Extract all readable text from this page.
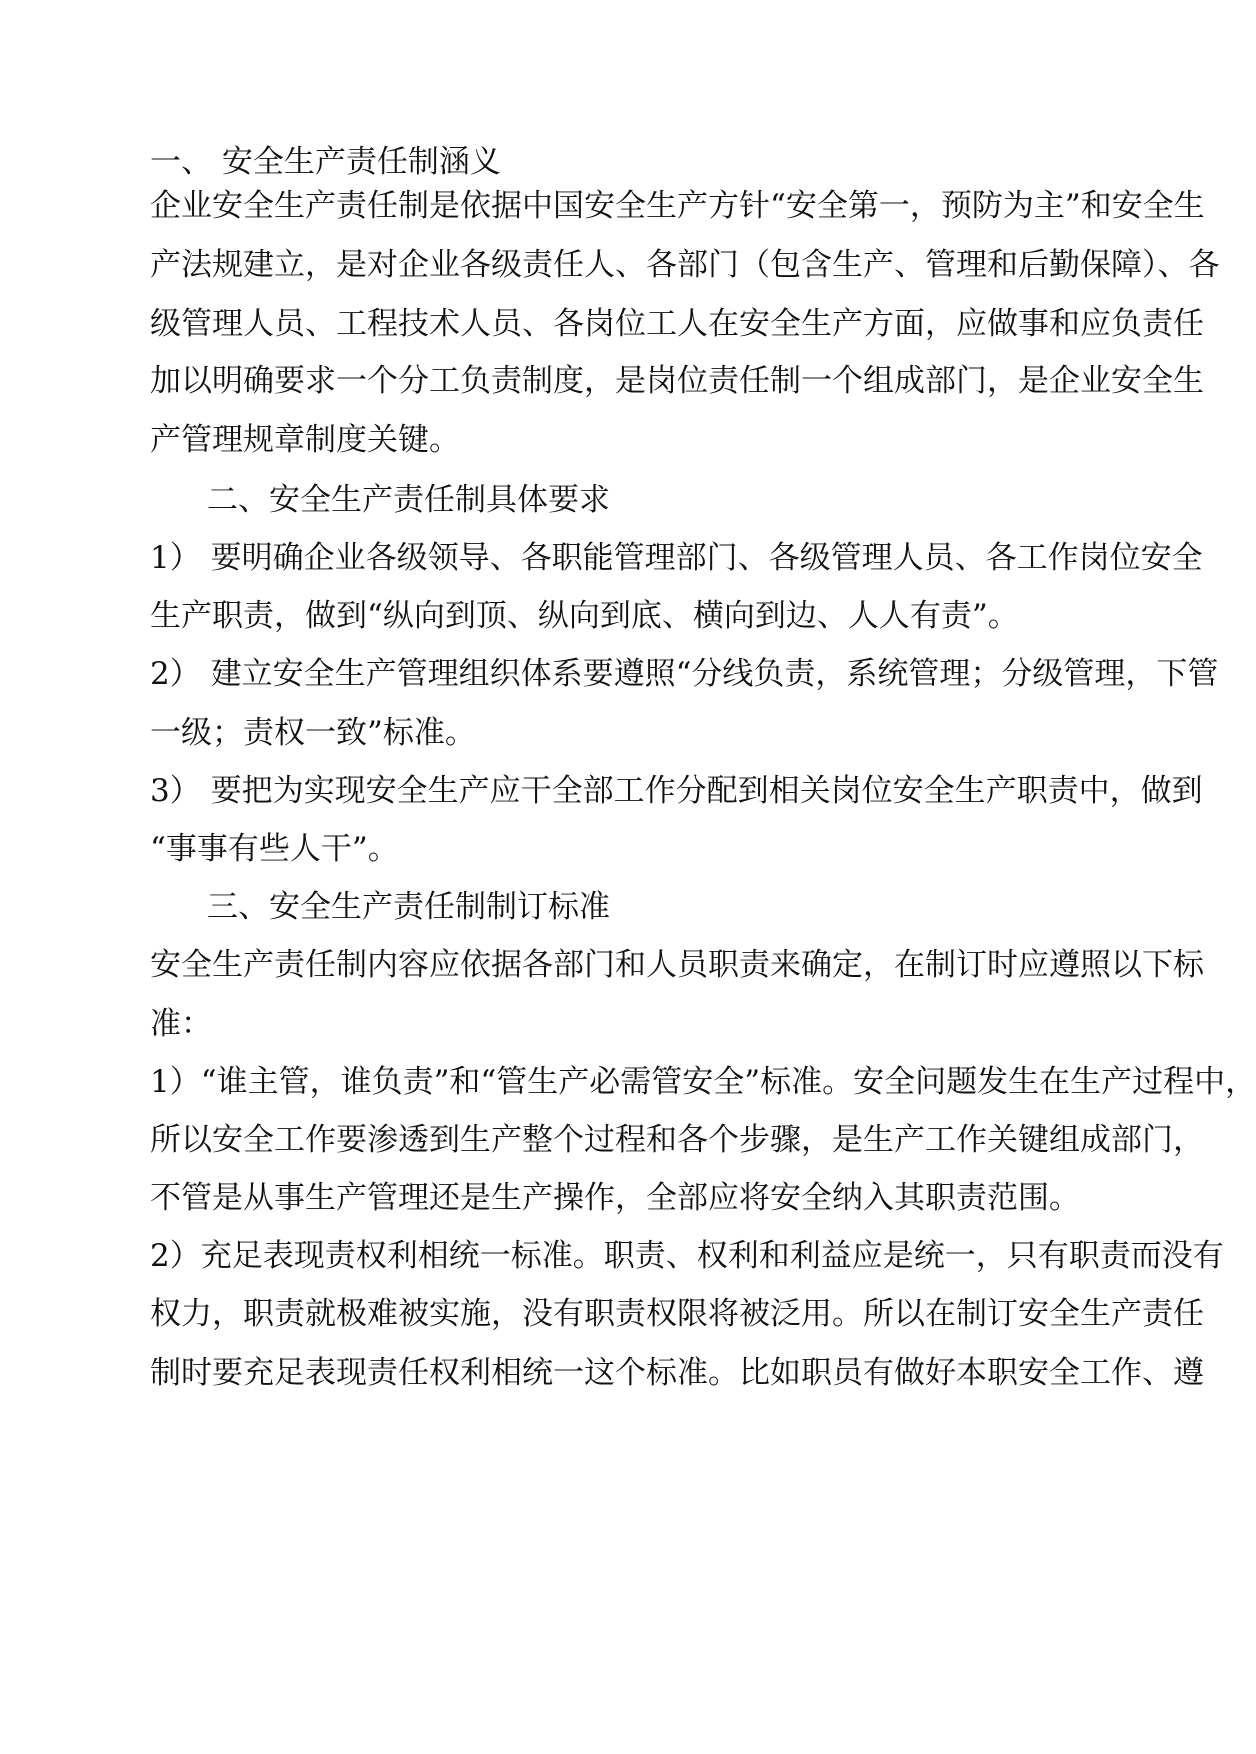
一、 安全生产责任制涵义
企业安全生产责任制是依据中国安全生产方针“安全第一，预防为主”和安全生
产法规建立，是对企业各级责任人、各部门（包含生产、管理和后勤保障）、各
级管理人员、工程技术人员、各岗位工人在安全生产方面，应做事和应负责任
加以明确要求一个分工负责制度，是岗位责任制一个组成部门，是企业安全生
产管理规章制度关键。
二、安全生产责任制具体要求
1） 要明确企业各级领导、各职能管理部门、各级管理人员、各工作岗位安全
生产职责，做到“纵向到顶、纵向到底、横向到边、人人有责”。
2） 建立安全生产管理组织体系要遵照“分线负责，系统管理；分级管理，下管
一级；责权一致”标准。
3） 要把为实现安全生产应干全部工作分配到相关岗位安全生产职责中，做到
“事事有些人干”。
三、安全生产责任制制订标准
安全生产责任制内容应依据各部门和人员职责来确定，在制订时应遵照以下标
准：
1）“谁主管，谁负责”和“管生产必需管安全”标准。安全问题发生在生产过程中，
所以安全工作要渗透到生产整个过程和各个步骤，是生产工作关键组成部门，
不管是从事生产管理还是生产操作，全部应将安全纳入其职责范围。
2）充足表现责权利相统一标准。职责、权利和利益应是统一，只有职责而没有
权力，职责就极难被实施，没有职责权限将被泛用。所以在制订安全生产责任
制时要充足表现责任权利相统一这个标准。比如职员有做好本职安全工作、遵
